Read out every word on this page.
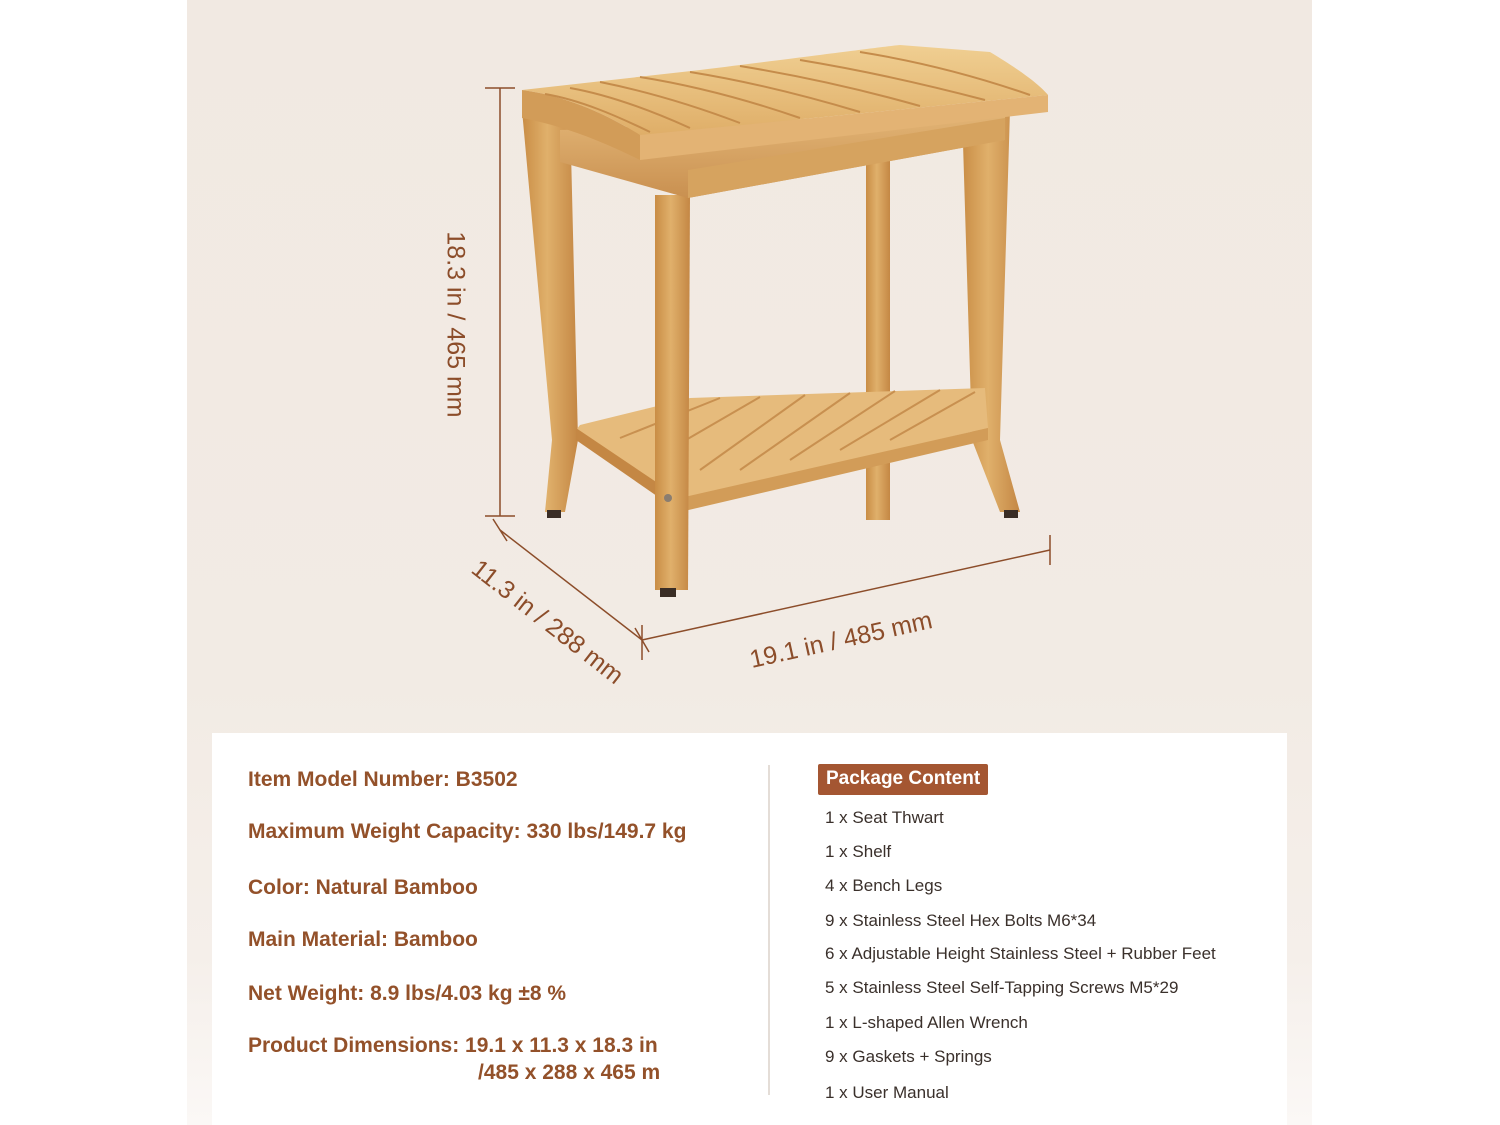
18.3 in / 465 mm
11.3 in / 288 mm	19.1 in / 485 mm

Item Model Number: B3502

Maximum Weight Capacity: 330 lbs/149.7 kg

Color: Natural Bamboo

Main Material: Bamboo

Net Weight: 8.9 lbs/4.03 kg ±8 %

Product Dimensions: 19.1 x 11.3 x 18.3 in

/485 x 288 x 465 m

Package Content

1 x Seat Thwart

1 x Shelf

4 x Bench Legs

9 x Stainless Steel Hex Bolts M6*34

6 x Adjustable Height Stainless Steel + Rubber Feet

5 x Stainless Steel Self-Tapping Screws M5*29

1 x L-shaped Allen Wrench

9 x Gaskets + Springs

1 x User Manual
